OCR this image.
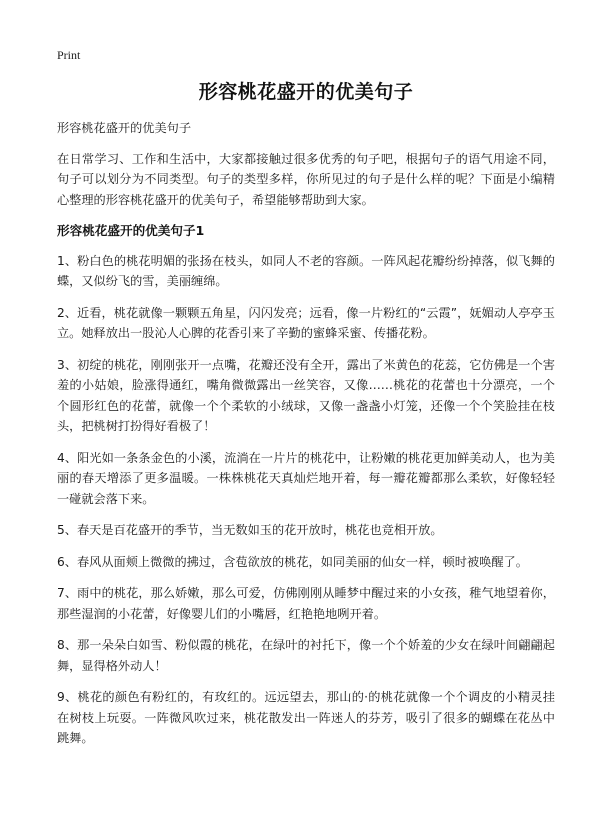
Print
形容桃花盛开的优美句子

形容桃花盛开的优美句子

在日常学习、工作和生活中，大家都接触过很多优秀的句子吧，根据句子的语气用途不同，句子可以划分为不同类型。句子的类型多样，你所见过的句子是什么样的呢？下面是小编精心整理的形容桃花盛开的优美句子，希望能够帮助到大家。

形容桃花盛开的优美句子1

1、粉白色的桃花明媚的张扬在枝头，如同人不老的容颜。一阵风起花瓣纷纷掉落，似飞舞的蝶，又似纷飞的雪，美丽缠绵。

2、近看，桃花就像一颗颗五角星，闪闪发亮；远看，像一片粉红的“云霞”，妩媚动人亭亭玉立。她释放出一股沁人心脾的花香引来了辛勤的蜜蜂采蜜、传播花粉。

3、初绽的桃花，刚刚张开一点嘴，花瓣还没有全开，露出了米黄色的花蕊，它仿佛是一个害羞的小姑娘，脸涨得通红，嘴角微微露出一丝笑容，又像……桃花的花蕾也十分漂亮，一个个圆形红色的花蕾，就像一个个柔软的小绒球，又像一盏盏小灯笼，还像一个个笑脸挂在枝头，把桃树打扮得好看极了！

4、阳光如一条条金色的小溪，流淌在一片片的桃花中，让粉嫩的桃花更加鲜美动人，也为美丽的春天增添了更多温暖。一株株桃花天真灿烂地开着，每一瓣花瓣都那么柔软，好像轻轻一碰就会落下来。

5、春天是百花盛开的季节，当无数如玉的花开放时，桃花也竞相开放。

6、春风从面颊上微微的拂过，含苞欲放的桃花，如同美丽的仙女一样，顿时被唤醒了。

7、雨中的桃花，那么娇嫩，那么可爱，仿佛刚刚从睡梦中醒过来的小女孩，稚气地望着你，那些湿润的小花蕾，好像婴儿们的小嘴唇，红艳艳地咧开着。

8、那一朵朵白如雪、粉似霞的桃花，在绿叶的衬托下，像一个个娇羞的少女在绿叶间翩翩起舞，显得格外动人！

9、桃花的颜色有粉红的，有玫红的。远远望去，那山的·的桃花就像一个个调皮的小精灵挂在树枝上玩耍。一阵微风吹过来，桃花散发出一阵迷人的芬芳，吸引了很多的蝴蝶在花丛中跳舞。
